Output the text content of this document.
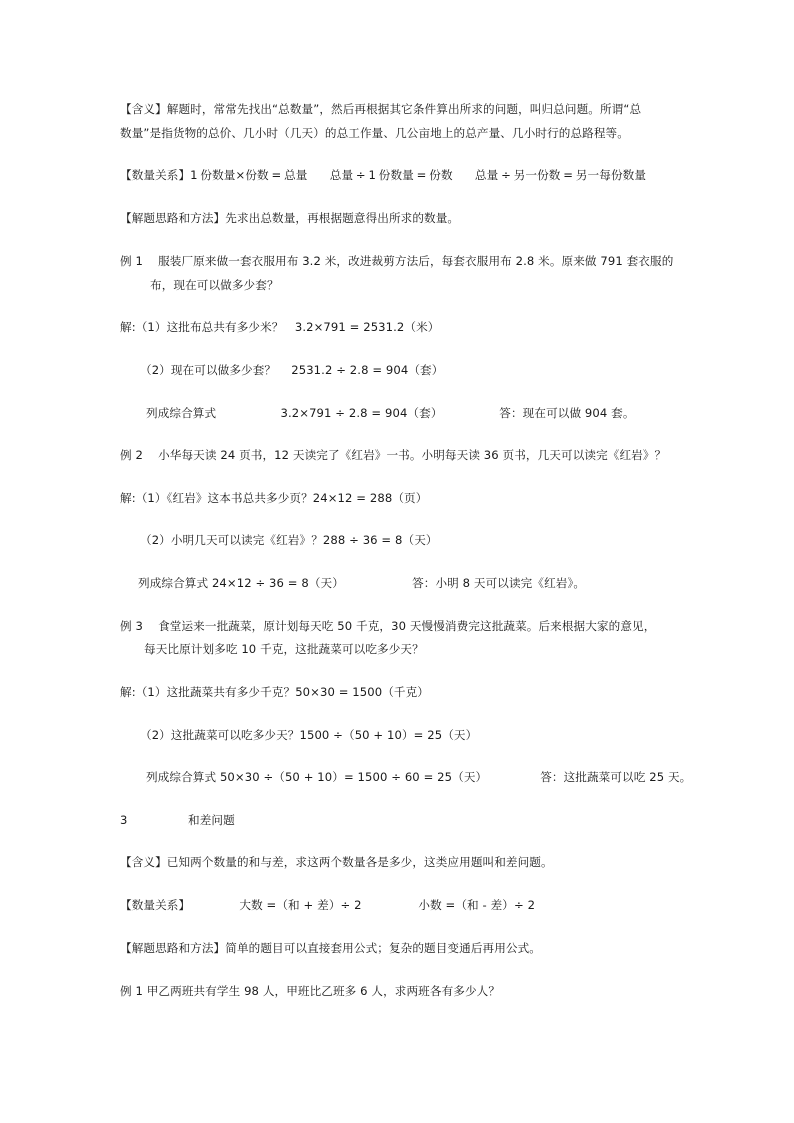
【含义】解题时，常常先找出“总数量”，然后再根据其它条件算出所求的问题，叫归总问题。所谓“总
数量”是指货物的总价、几小时（几天）的总工作量、几公亩地上的总产量、几小时行的总路程等。
【数量关系】1 份数量×份数 = 总量        总量 ÷ 1 份数量 = 份数        总量 ÷ 另一份数 = 另一每份数量
【解题思路和方法】先求出总数量，再根据题意得出所求的数量。
例 1    服装厂原来做一套衣服用布 3.2 米，改进裁剪方法后，每套衣服用布 2.8 米。原来做 791 套衣服的
布，现在可以做多少套？
解:（1）这批布总共有多少米？   3.2×791 = 2531.2（米）
（2）现在可以做多少套？    2531.2 ÷ 2.8 = 904（套）
列成综合算式                 3.2×791 ÷ 2.8 = 904（套）               答：现在可以做 904 套。
例 2    小华每天读 24 页书，12 天读完了《红岩》一书。小明每天读 36 页书，几天可以读完《红岩》？
解:（1）《红岩》这本书总共多少页？24×12 = 288（页）
（2）小明几天可以读完《红岩》？288 ÷ 36 = 8（天）
列成综合算式 24×12 ÷ 36 = 8（天）                  答：小明 8 天可以读完《红岩》。
例 3    食堂运来一批蔬菜，原计划每天吃 50 千克，30 天慢慢消费完这批蔬菜。后来根据大家的意见，
每天比原计划多吃 10 千克，这批蔬菜可以吃多少天？
解:（1）这批蔬菜共有多少千克？50×30 = 1500（千克）
（2）这批蔬菜可以吃多少天？1500 ÷（50 + 10）= 25（天）
列成综合算式 50×30 ÷（50 + 10）= 1500 ÷ 60 = 25（天）              答：这批蔬菜可以吃 25 天。
3                和差问题
【含义】已知两个数量的和与差，求这两个数量各是多少，这类应用题叫和差问题。
【数量关系】             大数 =（和 + 差）÷ 2               小数 =（和 - 差）÷ 2
【解题思路和方法】简单的题目可以直接套用公式；复杂的题目变通后再用公式。
例 1 甲乙两班共有学生 98 人，甲班比乙班多 6 人，求两班各有多少人？
